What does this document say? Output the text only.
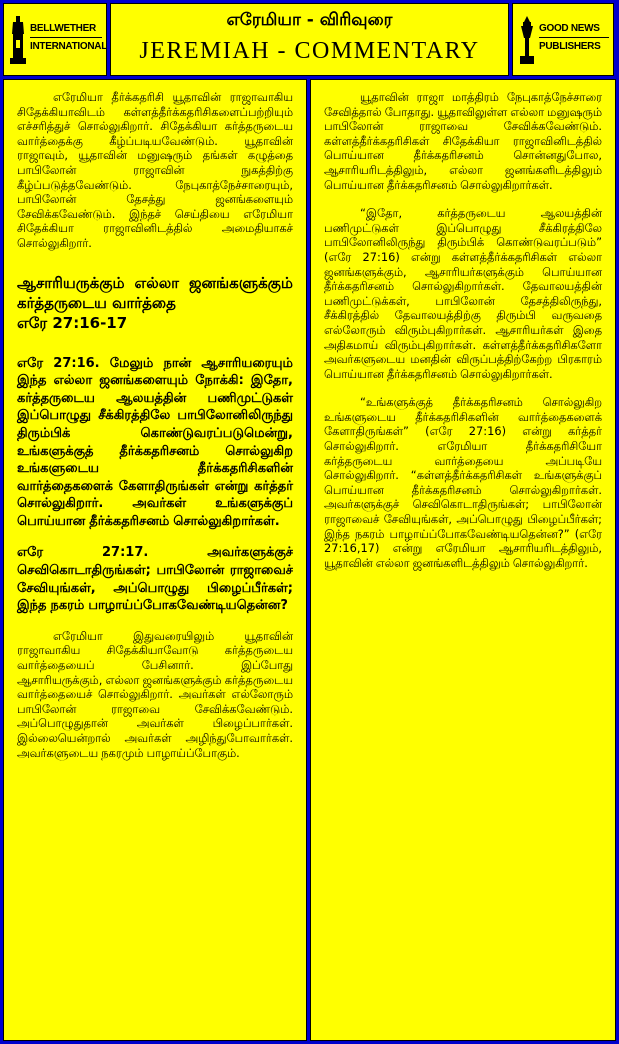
BELLWETHER
INTERNATIONAL
எரேமியா - விரிவுரை
JEREMIAH - COMMENTARY
GOOD NEWS
PUBLISHERS

எரேமியா தீர்க்கதரிசி யூதாவின் ராஜாவாகிய சிதேக்கியாவிடம் கள்ளத்தீர்க்கதரிசிகளைப்பற்றியும் எச்சரித்துச் சொல்லுகிறார். சிதேக்கியா கர்த்தருடைய வார்த்தைக்கு கீழ்ப்படியவேண்டும். யூதாவின் ராஜாவும், யூதாவின் மனுஷரும் தங்கள் கழுத்தை பாபிலோன் ராஜாவின் நுகத்திற்கு கீழ்ப்படுத்தவேண்டும். நேபுகாத்நேச்சாரையும், பாபிலோன் தேசத்து ஜனங்களையும் சேவிக்கவேண்டும். இந்தச் செய்தியை எரேமியா சிதேக்கியா ராஜாவினிடத்தில் அமைதியாகச் சொல்லுகிறார்.

ஆசாரியருக்கும் எல்லா ஜனங்களுக்கும் கர்த்தருடைய வார்த்தை
எரே 27:16-17

எரே 27:16. மேலும் நான் ஆசாரியரையும் இந்த எல்லா ஜனங்களையும் நோக்கி: இதோ, கர்த்தருடைய ஆலயத்தின் பணிமுட்டுகள் இப்பொழுது சீக்கிரத்திலே பாபிலோனிலிருந்து திரும்பிக் கொண்டுவரப்படுமென்று, உங்களுக்குத் தீர்க்கதரிசனம் சொல்லுகிற உங்களுடைய தீர்க்கதரிசிகளின் வார்த்தைகளைக் கேளாதிருங்கள் என்று கர்த்தர் சொல்லுகிறார். அவர்கள் உங்களுக்குப் பொய்யான தீர்க்கதரிசனம் சொல்லுகிறார்கள்.

எரே 27:17. அவர்களுக்குச் செவிகொடாதிருங்கள்; பாபிலோன் ராஜாவைச் சேவியுங்கள், அப்பொழுது பிழைப்பீர்கள்; இந்த நகரம் பாழாய்ப்போகவேண்டியதென்ன?

எரேமியா இதுவரையிலும் யூதாவின் ராஜாவாகிய சிதேக்கியாவோடு கர்த்தருடைய வார்த்தையைப் பேசினார். இப்போது ஆசாரியருக்கும், எல்லா ஜனங்களுக்கும் கர்த்தருடைய வார்த்தையைச் சொல்லுகிறார். அவர்கள் எல்லோரும் பாபிலோன் ராஜாவை சேவிக்கவேண்டும். அப்பொழுதுதான் அவர்கள் பிழைப்பார்கள். இல்லையென்றால் அவர்கள் அழிந்துபோவார்கள். அவர்களுடைய நகரமும் பாழாய்ப்போகும்.

யூதாவின் ராஜா மாத்திரம் நேபுகாத்நேச்சாரை சேவித்தால் போதாது. யூதாவிலுள்ள எல்லா மனுஷரும் பாபிலோன் ராஜாவை சேவிக்கவேண்டும். கள்ளத்தீர்க்கதரிசிகள் சிதேக்கியா ராஜாவினிடத்தில் பொய்யான தீர்க்கதரிசனம் சொன்னதுபோல, ஆசாரியரிடத்திலும், எல்லா ஜனங்களிடத்திலும் பொய்யான தீர்க்கதரிசனம் சொல்லுகிறார்கள்.

“இதோ, கர்த்தருடைய ஆலயத்தின் பணிமுட்டுகள் இப்பொழுது சீக்கிரத்திலே பாபிலோனிலிருந்து திரும்பிக் கொண்டுவரப்படும்” (எரே 27:16) என்று கள்ளத்தீர்க்கதரிசிகள் எல்லா ஜனங்களுக்கும், ஆசாரியர்களுக்கும் பொய்யான தீர்க்கதரிசனம் சொல்லுகிறார்கள். தேவாலயத்தின் பணிமுட்டுக்கள், பாபிலோன் தேசத்திலிருந்து, சீக்கிரத்தில் தேவாலயத்திற்கு திரும்பி வருவதை எல்லோரும் விரும்புகிறார்கள். ஆசாரியர்கள் இதை அதிகமாய் விரும்புகிறார்கள். கள்ளத்தீர்க்கதரிசிகளோ அவர்களுடைய மனதின் விருப்பத்திற்கேற்ற பிரகாரம் பொய்யான தீர்க்கதரிசனம் சொல்லுகிறார்கள்.

“உங்களுக்குத் தீர்க்கதரிசனம் சொல்லுகிற உங்களுடைய தீர்க்கதரிசிகளின் வார்த்தைகளைக் கேளாதிருங்கள்” (எரே 27:16) என்று கர்த்தர் சொல்லுகிறார். எரேமியா தீர்க்கதரிசியோ கர்த்தருடைய வார்த்தையை அப்படியே சொல்லுகிறார். “கள்ளத்தீர்க்கதரிசிகள் உங்களுக்குப் பொய்யான தீர்க்கதரிசனம் சொல்லுகிறார்கள். அவர்களுக்குச் செவிகொடாதிருங்கள்; பாபிலோன் ராஜாவைச் சேவியுங்கள், அப்பொழுது பிழைப்பீர்கள்; இந்த நகரம் பாழாய்ப்போகவேண்டியதென்ன?” (எரே 27:16,17) என்று எரேமியா ஆசாரியரிடத்திலும், யூதாவின் எல்லா ஜனங்களிடத்திலும் சொல்லுகிறார்.
